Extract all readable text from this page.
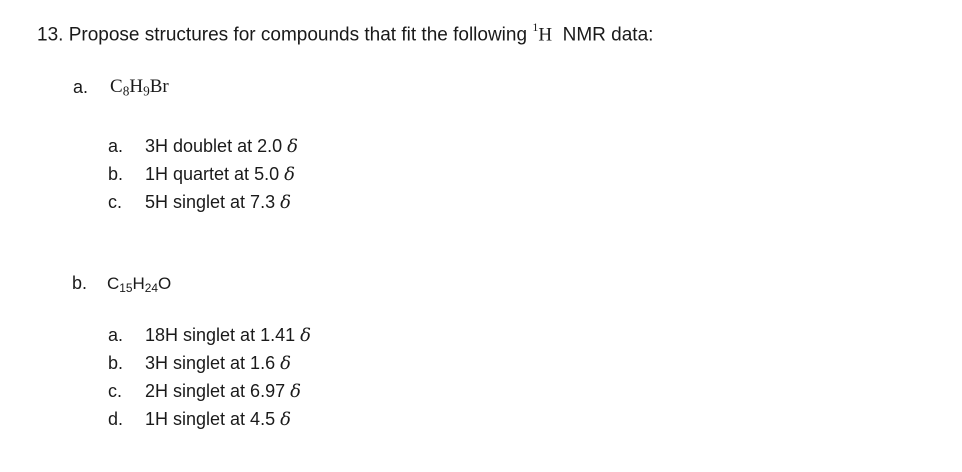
13. Propose structures for compounds that fit the following $^1$H  NMR data:
a. $C_8H_9Br$
a. 3H doublet at 2.0 δ
b. 1H quartet at 5.0 δ
c. 5H singlet at 7.3 δ
b. $C_{15}H_{24}O$
a. 18H singlet at 1.41 δ
b. 3H singlet at 1.6 δ
c. 2H singlet at 6.97 δ
d. 1H singlet at 4.5 δ
